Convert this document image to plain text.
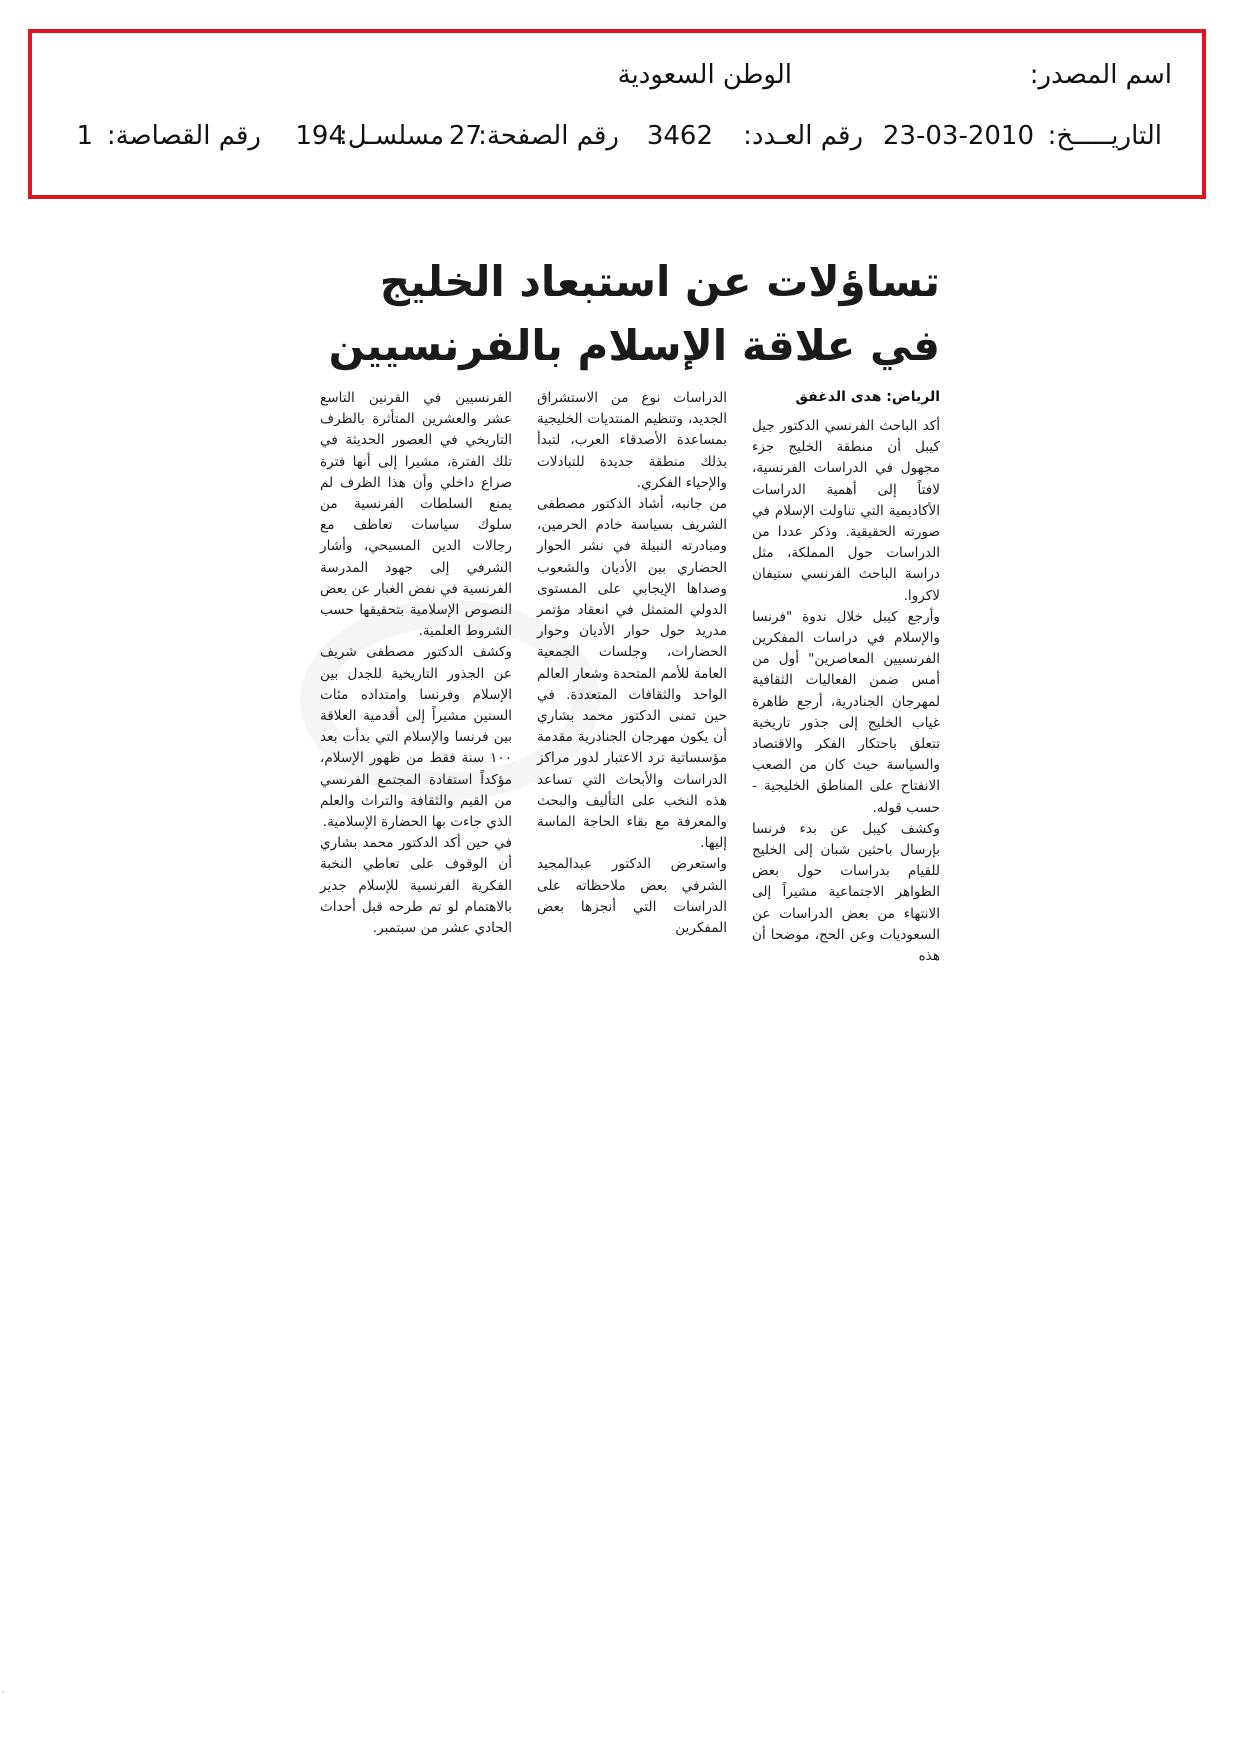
اسم المصدر:
الوطن السعودية
التاريـــــخ:
23-03-2010
رقم العـدد:
3462
رقم الصفحة:
27
مسلسـل:
194
رقم القصاصة:
1
تساؤلات عن استبعاد الخليج
في علاقة الإسلام بالفرنسيين
الرياض: هدى الدغفق

أكد الباحث الفرنسي الدكتور جيل كيبل أن منطقة الخليج جزء مجهول في الدراسات الفرنسية، لافتاً إلى أهمية الدراسات الأكاديمية التي تناولت الإسلام في صورته الحقيقية. وذكر عددا من الدراسات حول المملكة، مثل دراسة الباحث الفرنسي ستيفان لاكروا.

وأرجع كيبل خلال ندوة "فرنسا والإسلام في دراسات المفكرين الفرنسيين المعاصرين" أول من أمس ضمن الفعاليات الثقافية لمهرجان الجنادرية، أرجع ظاهرة غياب الخليج إلى جذور تاريخية تتعلق باحتكار الفكر والاقتصاد والسياسة حيث كان من الصعب الانفتاح على المناطق الخليجية - حسب قوله.

وكشف كيبل عن بدء فرنسا بإرسال باحثين شبان إلى الخليج للقيام بدراسات حول بعض الظواهر الاجتماعية مشيراً إلى الانتهاء من بعض الدراسات عن السعوديات وعن الحج، موضحا أن هذه

الدراسات نوع من الاستشراق الجديد، وتنظيم المنتديات الخليجية بمساعدة الأصدقاء العرب، لتبدأ بذلك منطقة جديدة للتبادلات والإحياء الفكري.

من جانبه، أشاد الدكتور مصطفى الشريف بسياسة خادم الحرمين، ومبادرته النبيلة في نشر الحوار الحضاري بين الأديان والشعوب وصداها الإيجابي على المستوى الدولي المتمثل في انعقاد مؤتمر مدريد حول حوار الأديان وحوار الحضارات، وجلسات الجمعية العامة للأمم المتحدة وشعار العالم الواحد والثقافات المتعددة. في حين تمنى الدكتور محمد بشاري أن يكون مهرجان الجنادرية مقدمة مؤسساتية ترد الاعتبار لدور مراكز الدراسات والأبحاث التي تساعد هذه النخب على التأليف والبحث والمعرفة مع بقاء الحاجة الماسة إليها.

واستعرض الدكتور عبدالمجيد الشرفي بعض ملاحظاته على الدراسات التي أنجزها بعض المفكرين

الفرنسيين في القرنين التاسع عشر والعشرين المتأثرة بالظرف التاريخي في العصور الحديثة في تلك الفترة، مشيرا إلى أنها فترة صراع داخلي وأن هذا الظرف لم يمنع السلطات الفرنسية من سلوك سياسات تعاطف مع رجالات الدين المسيحي، وأشار الشرفي إلى جهود المدرسة الفرنسية في نفض الغبار عن بعض النصوص الإسلامية بتحقيقها حسب الشروط العلمية.

وكشف الدكتور مصطفى شريف عن الجذور التاريخية للجدل بين الإسلام وفرنسا وامتداده مئات السنين مشيراً إلى أقدمية العلاقة بين فرنسا والإسلام التي بدأت بعد ١٠٠ سنة فقط من ظهور الإسلام، مؤكداً استفادة المجتمع الفرنسي من القيم والثقافة والتراث والعلم الذي جاءت بها الحضارة الإسلامية.

في حين أكد الدكتور محمد بشاري أن الوقوف على تعاطي النخبة الفكرية الفرنسية للإسلام جدير بالاهتمام لو تم طرحه قبل أحداث الحادي عشر من سبتمبر.

·
